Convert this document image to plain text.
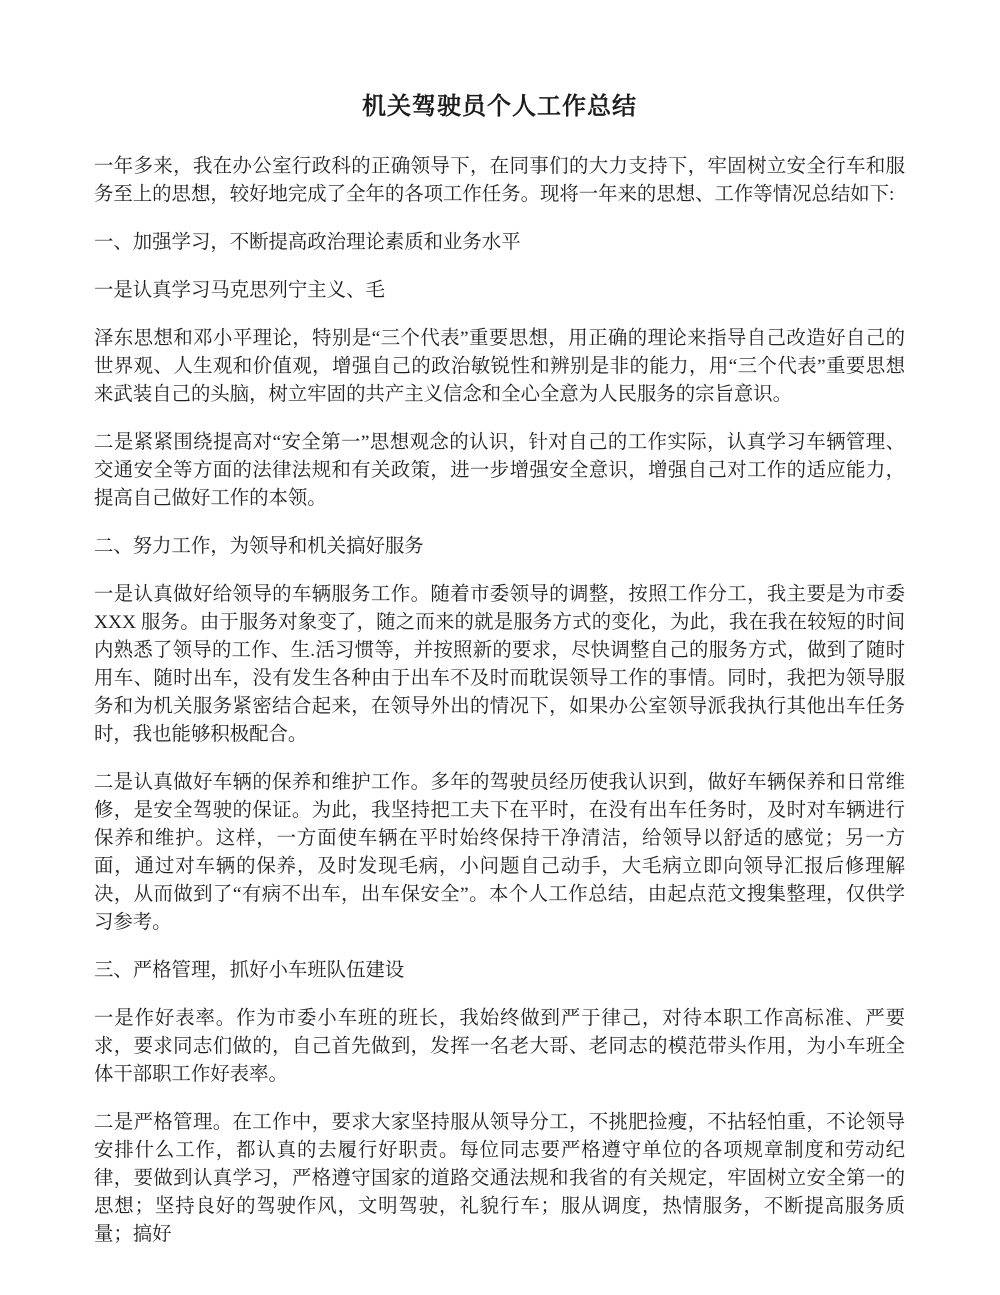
机关驾驶员个人工作总结

一年多来，我在办公室行政科的正确领导下，在同事们的大力支持下，牢固树立安全行车和服务至上的思想，较好地完成了全年的各项工作任务。现将一年来的思想、工作等情况总结如下:

一、加强学习，不断提高政治理论素质和业务水平

一是认真学习马克思列宁主义、毛

泽东思想和邓小平理论，特别是“三个代表”重要思想，用正确的理论来指导自己改造好自己的世界观、人生观和价值观，增强自己的政治敏锐性和辨别是非的能力，用“三个代表”重要思想来武装自己的头脑，树立牢固的共产主义信念和全心全意为人民服务的宗旨意识。

二是紧紧围绕提高对“安全第一”思想观念的认识，针对自己的工作实际，认真学习车辆管理、交通安全等方面的法律法规和有关政策，进一步增强安全意识，增强自己对工作的适应能力，提高自己做好工作的本领。

二、努力工作，为领导和机关搞好服务

一是认真做好给领导的车辆服务工作。随着市委领导的调整，按照工作分工，我主要是为市委XXX 服务。由于服务对象变了，随之而来的就是服务方式的变化，为此，我在我在较短的时间内熟悉了领导的工作、生.活习惯等，并按照新的要求，尽快调整自己的服务方式，做到了随时用车、随时出车，没有发生各种由于出车不及时而耽误领导工作的事情。同时，我把为领导服务和为机关服务紧密结合起来，在领导外出的情况下，如果办公室领导派我执行其他出车任务时，我也能够积极配合。

二是认真做好车辆的保养和维护工作。多年的驾驶员经历使我认识到，做好车辆保养和日常维修，是安全驾驶的保证。为此，我坚持把工夫下在平时，在没有出车任务时，及时对车辆进行保养和维护。这样，一方面使车辆在平时始终保持干净清洁，给领导以舒适的感觉；另一方面，通过对车辆的保养，及时发现毛病，小问题自己动手，大毛病立即向领导汇报后修理解决，从而做到了“有病不出车，出车保安全”。本个人工作总结，由起点范文搜集整理，仅供学习参考。

三、严格管理，抓好小车班队伍建设

一是作好表率。作为市委小车班的班长，我始终做到严于律己，对待本职工作高标准、严要求，要求同志们做的，自己首先做到，发挥一名老大哥、老同志的模范带头作用，为小车班全体干部职工作好表率。

二是严格管理。在工作中，要求大家坚持服从领导分工，不挑肥捡瘦，不拈轻怕重，不论领导安排什么工作，都认真的去履行好职责。每位同志要严格遵守单位的各项规章制度和劳动纪律，要做到认真学习，严格遵守国家的道路交通法规和我省的有关规定，牢固树立安全第一的思想；坚持良好的驾驶作风，文明驾驶，礼貌行车；服从调度，热情服务，不断提高服务质量；搞好
